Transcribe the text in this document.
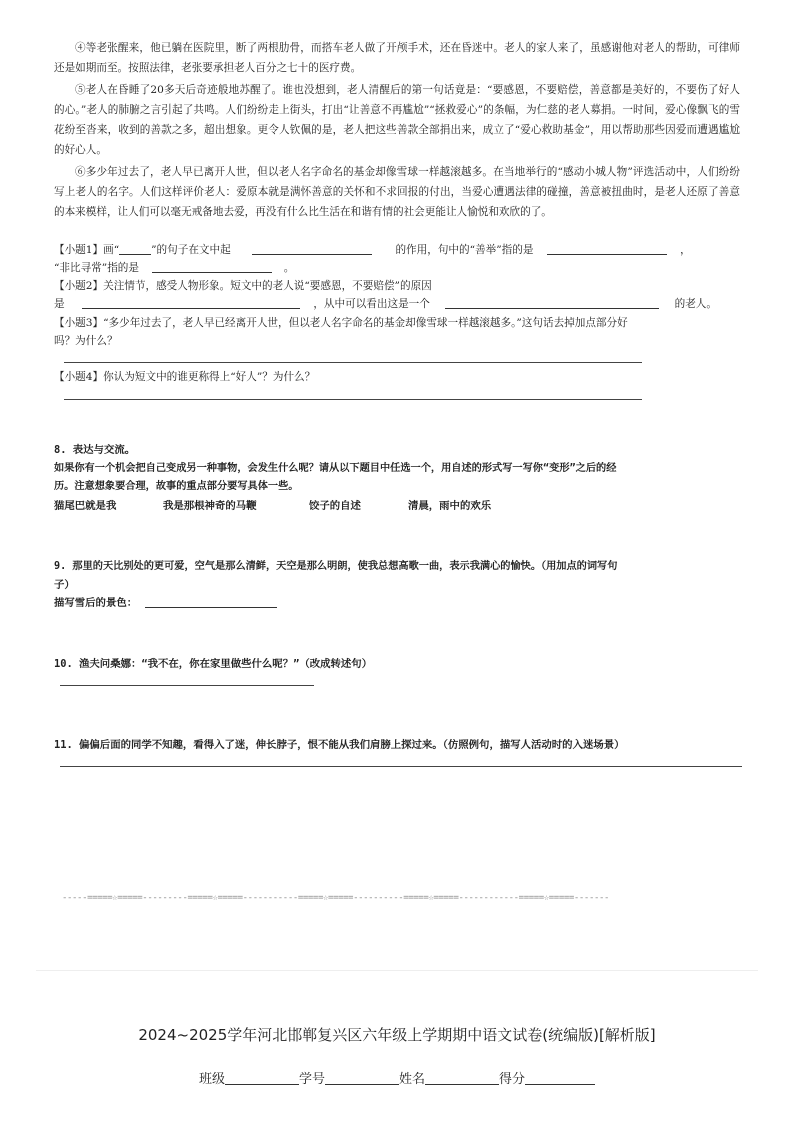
④等老张醒来，他已躺在医院里，断了两根肋骨，而搭车老人做了开颅手术，还在昏迷中。老人的家人来了，虽感谢他对老人的帮助，可律师还是如期而至。按照法律，老张要承担老人百分之七十的医疗费。

⑤老人在昏睡了20多天后奇迹般地苏醒了。谁也没想到，老人清醒后的第一句话竟是：“要感恩，不要赔偿，善意都是美好的，不要伤了好人的心。”老人的肺腑之言引起了共鸣。人们纷纷走上街头，打出“让善意不再尴尬”“拯救爱心”的条幅，为仁慈的老人募捐。一时间，爱心像飘飞的雪花纷至沓来，收到的善款之多，超出想象。更令人钦佩的是，老人把这些善款全部捐出来，成立了“爱心救助基金”，用以帮助那些因爱而遭遇尴尬的好心人。

⑥多少年过去了，老人早已离开人世，但以老人名字命名的基金却像雪球一样越滚越多。在当地举行的“感动小城人物”评选活动中，人们纷纷写上老人的名字。人们这样评价老人：爱原本就是满怀善意的关怀和不求回报的付出，当爱心遭遇法律的碰撞，善意被扭曲时，是老人还原了善意的本来模样，让人们可以毫无戒备地去爱，再没有什么比生活在和谐有情的社会更能让人愉悦和欢欣的了。

【小题1】画“	”的句子在文中起	的作用，句中的“善举”指的是	，
“非比寻常”指的是	。
【小题2】关注情节，感受人物形象。短文中的老人说“要感恩，不要赔偿”的原因
是	，从中可以看出这是一个	的老人。
【小题3】“多少年过去了，老人早已经离开人世，但以老人名字命名的基金却像雪球一样越滚越多。”这句话去掉加点部分好
吗？为什么？
【小题4】你认为短文中的谁更称得上“好人”？为什么？
8. 表达与交流。
如果你有一个机会把自己变成另一种事物，会发生什么呢？请从以下题目中任选一个，用自述的形式写一写你“变形”之后的经
历。注意想象要合理，故事的重点部分要写具体一些。
猫尾巴就是我	我是那根神奇的马鞭	饺子的自述	清晨，雨中的欢乐
9. 那里的天比别处的更可爱，空气是那么清鲜，天空是那么明朗，使我总想高歌一曲，表示我满心的愉快。（用加点的词写句
子）
描写雪后的景色：
10. 渔夫问桑娜：“我不在，你在家里做些什么呢？”（改成转述句）
11. 偏偏后面的同学不知趣，看得入了迷，伸长脖子，恨不能从我们肩膀上探过来。（仿照例句，描写人活动时的入迷场景）
-----=====☆=====---------=====☆=====-----------=====☆=====----------=====☆=====------------=====☆=====-------
2024~2025学年河北邯郸复兴区六年级上学期期中语文试卷(统编版)[解析版]
班级	学号	姓名	得分
